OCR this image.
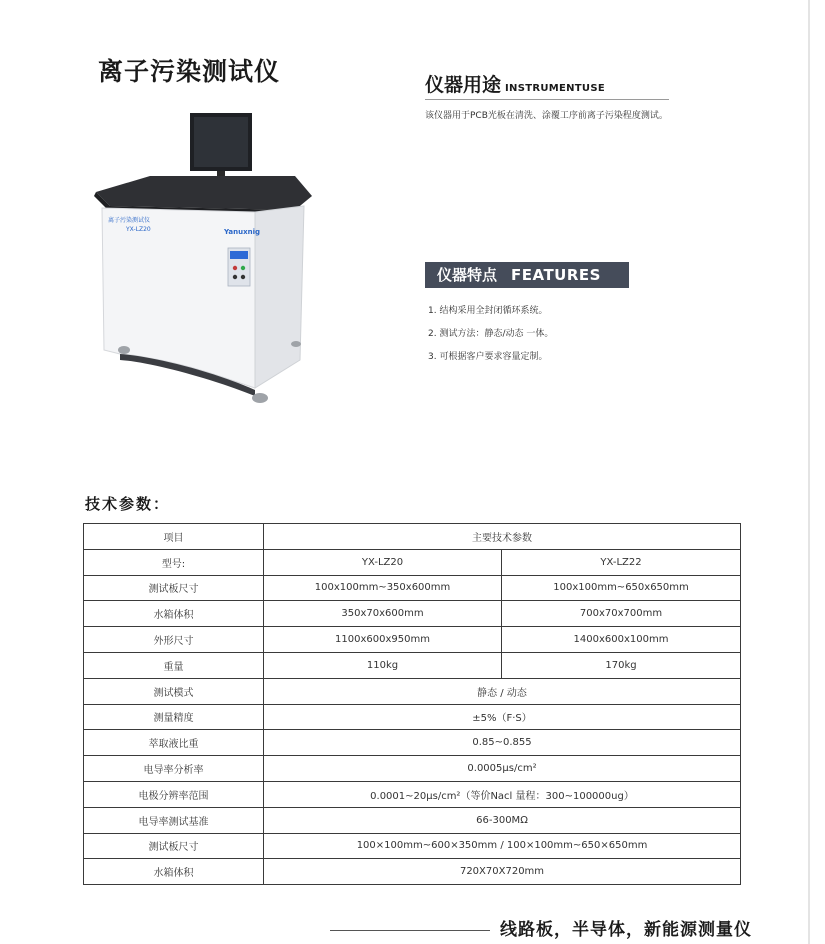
离子污染测试仪
离子污染测试仪
YX-LZ20	Yanuxnig
仪器用途 INSTRUMENTUSE
该仪器用于PCB光板在清洗、涂覆工序前离子污染程度测试。
仪器特点 FEATURES
1. 结构采用全封闭循环系统。
2. 测试方法：静态/动态 一体。
3. 可根据客户要求容量定制。
技术参数：
项目	主要技术参数	
型号:	YX-LZ20	YX-LZ22
测试板尺寸	100x100mm~350x600mm	100x100mm~650x650mm
水箱体积	350x70x600mm	700x70x700mm
外形尺寸	1100x600x950mm	1400x600x100mm
重量	110kg	170kg
测试模式	静态 / 动态	
测量精度	±5%（F·S）	
萃取液比重	0.85~0.855	
电导率分析率	0.0005μs/cm²	
电极分辨率范围	0.0001~20μs/cm²（等价Nacl 量程：300~100000ug）	
电导率测试基准	66-300MΩ	
测试板尺寸	100×100mm~600×350mm / 100×100mm~650×650mm	
水箱体积	720X70X720mm	
线路板，半导体，新能源测量仪
